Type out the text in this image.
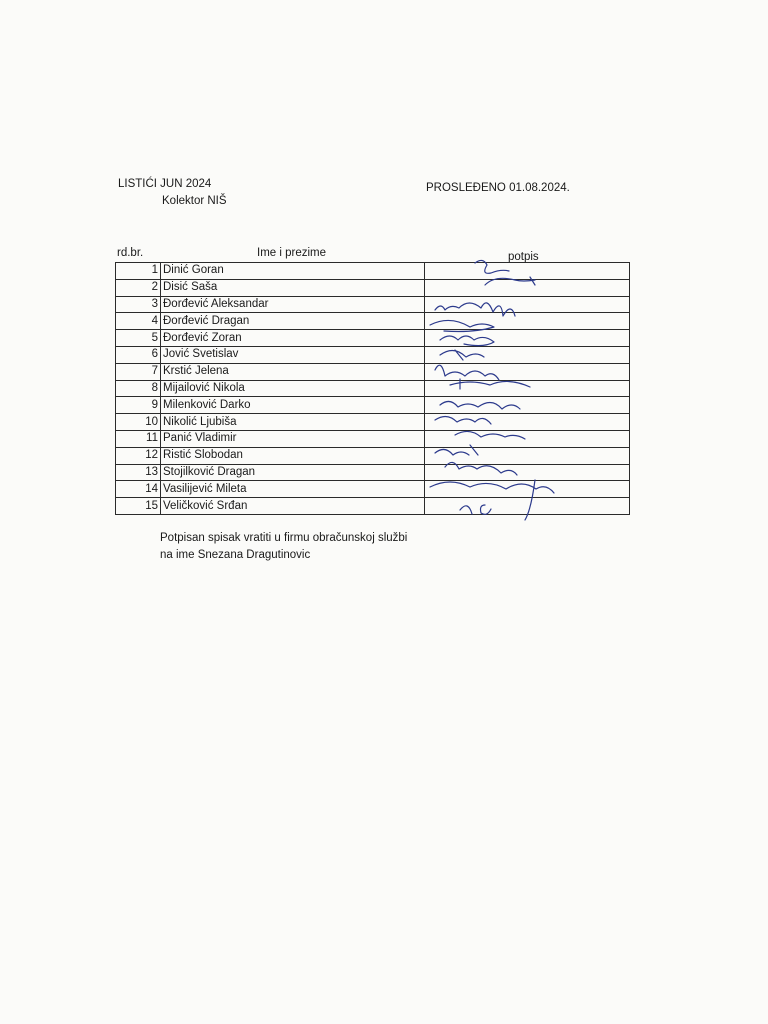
LISTIĆI JUN 2024
Kolektor NIŠ
PROSLEĐENO 01.08.2024.
rd.br.	Ime i prezime	potpis
1	Dinić Goran	
2	Disić Saša	
3	Đorđević Aleksandar	
4	Đorđević Dragan	
5	Đorđević Zoran	
6	Jović Svetislav	
7	Krstić Jelena	
8	Mijailović Nikola	
9	Milenković Darko	
10	Nikolić Ljubiša	
11	Panić Vladimir	
12	Ristić Slobodan	
13	Stojilković Dragan	
14	Vasilijević Mileta	
15	Veličković Srđan	
Potpisan spisak vratiti u firmu obračunskoj službi
na ime Snezana Dragutinovic
